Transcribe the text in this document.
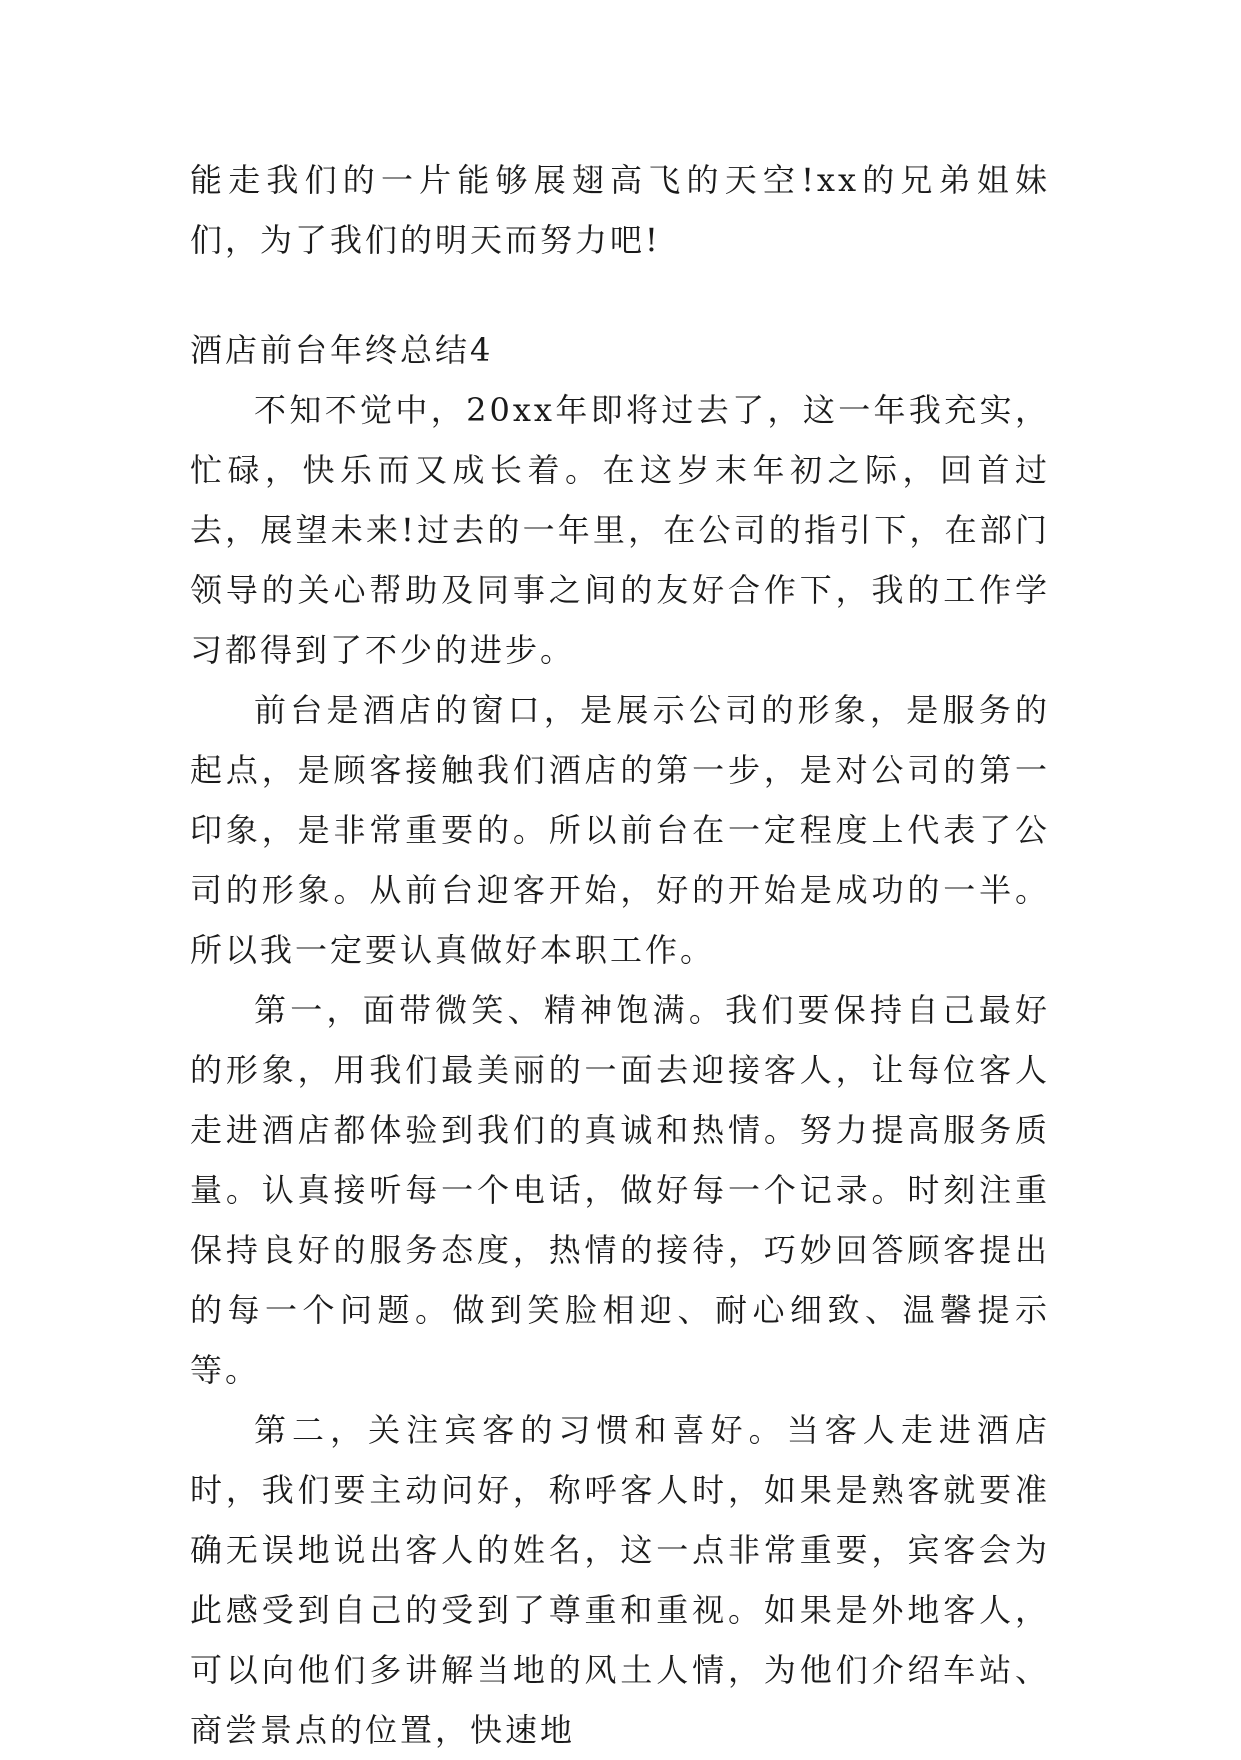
能走我们的一片能够展翅高飞的天空!xx的兄弟姐妹们，为了我们的明天而努力吧!

酒店前台年终总结4

不知不觉中，20xx年即将过去了，这一年我充实，忙碌，快乐而又成长着。在这岁末年初之际，回首过去，展望未来!过去的一年里，在公司的指引下，在部门领导的关心帮助及同事之间的友好合作下，我的工作学习都得到了不少的进步。

前台是酒店的窗口，是展示公司的形象，是服务的起点，是顾客接触我们酒店的第一步，是对公司的第一印象，是非常重要的。所以前台在一定程度上代表了公司的形象。从前台迎客开始，好的开始是成功的一半。所以我一定要认真做好本职工作。

第一，面带微笑、精神饱满。我们要保持自己最好的形象，用我们最美丽的一面去迎接客人，让每位客人走进酒店都体验到我们的真诚和热情。努力提高服务质量。认真接听每一个电话，做好每一个记录。时刻注重保持良好的服务态度，热情的接待，巧妙回答顾客提出的每一个问题。做到笑脸相迎、耐心细致、温馨提示等。

第二，关注宾客的习惯和喜好。当客人走进酒店时，我们要主动问好，称呼客人时，如果是熟客就要准确无误地说出客人的姓名，这一点非常重要，宾客会为此感受到自己的受到了尊重和重视。如果是外地客人，可以向他们多讲解当地的风土人情，为他们介绍车站、商尝景点的位置，快速地
